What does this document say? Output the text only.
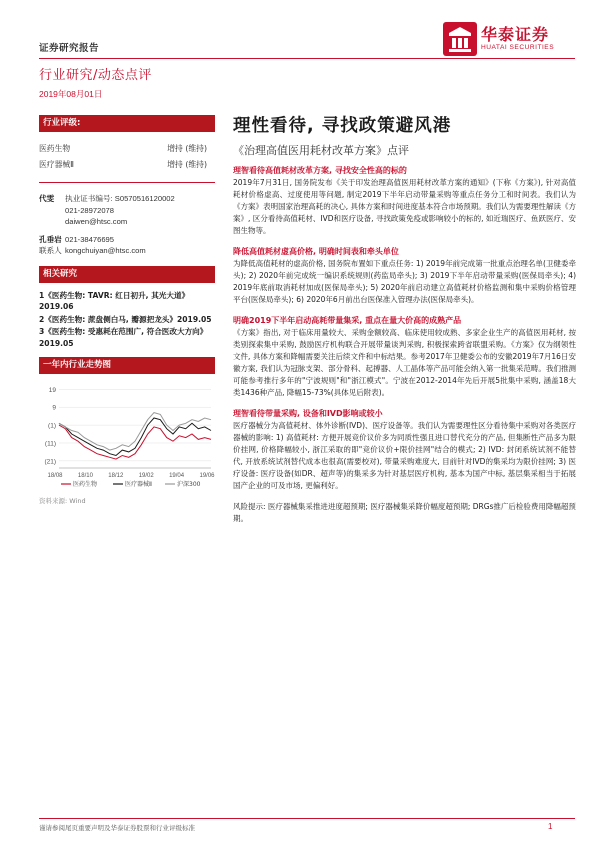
证券研究报告
华泰证券
HUATAI SECURITIES
行业研究/动态点评
2019年08月01日
行业评级:
医药生物	增持 (维持)
医疗器械Ⅱ	增持 (维持)
代雯	执业证书编号: S0570516120002
021-28972078
daiwen@htsc.com
孔垂岩 021-38476695
联系人 kongchuiyan@htsc.com
相关研究
1《医药生物: TAVR: 红日初升, 其光大道》2019.06
2《医药生物: 蔗盘侧白马, 瓣源把龙头》2019.05
3《医药生物: 受惠耗在范围广, 符合医改大方向》2019.05
一年内行业走势图
19
9
(1)
(11)
(21)
18/08	18/10	18/12	19/02	19/04	19/06
医药生物	医疗器械Ⅱ	沪深300
资料来源: Wind
理性看待, 寻找政策避风港
《治理高值医用耗材改革方案》点评
理智看待高值耗材改革方案, 寻找安全性高的标的
2019年7月31日, 国务院发布《关于印发治理高值医用耗材改革方案的通知》(下称《方案》), 针对高值耗材价格虚高、过度使用等问题, 制定2019下半年启动带量采购等重点任务分工和时间表。我们认为《方案》表明国家治理高耗的决心, 具体方案和时间进度基本符合市场预期。我们认为需要理性解读《方案》, 区分看待高值耗材、IVD和医疗设备, 寻找政策免疫或影响较小的标的, 如近瑞医疗、鱼跃医疗、安图生物等。
降低高值耗材虚高价格, 明确时间表和牵头单位
为降低高值耗材的虚高价格, 国务院布置如下重点任务: 1) 2019年前完成第一批重点治理名单(卫健委牵头); 2) 2020年前完成统一编识系统规则(药监局牵头); 3) 2019下半年启动带量采购(医保局牵头); 4) 2019年底前取消耗材加成(医保局牵头); 5) 2020年前启动建立高值耗材价格监测和集中采购价格管理平台(医保局牵头); 6) 2020年6月前出台医保准入管理办法(医保局牵头)。
明确2019下半年启动高耗带量集采, 重点在量大价高的成熟产品
《方案》指出, 对于临床用量较大、采购金额较高、临床使用较成熟、多家企业生产的高值医用耗材, 按类别探索集中采购, 鼓励医疗机构联合开展带量谈判采购, 积极探索跨省联盟采购。《方案》仅为纲领性文件, 具体方案和降幅需要关注后续文件和中标结果。参考2017年卫健委公布的安徽2019年7月16日安徽方案, 我们认为冠脉支架、部分骨科、起搏器、人工晶体等产品可能会纳入第一批集采范畴。我们推测可能参考推行多年的"宁波规则"和"浙江模式"。宁波在2012-2014年先后开展5批集中采购, 涵盖18大类1436种产品, 降幅15-73%(具体见后附表)。
理智看待带量采购, 设备和IVD影响或较小
医疗器械分为高值耗材、体外诊断(IVD)、医疗设备等。我们认为需要理性区分看待集中采购对各类医疗器械的影响: 1) 高值耗材: 方便开展竞价议价多为同质性强且进口替代充分的产品, 但集断性产品多为限价挂网, 价格降幅较小, 浙江采取的即"竞价议价+限价挂网"结合的模式; 2) IVD: 封闭系统试剂不能替代, 开放系统试剂替代成本也很高(需要校对), 带量采购难度大, 目前针对IVD的集采均为限价挂网; 3) 医疗设备: 医疗设备(如DR、超声等)的集采多为针对基层医疗机构, 基本为国产中标, 基层集采相当于拓展国产企业的可及市场, 更偏利好。
风险提示: 医疗器械集采推进进度超预期; 医疗器械集采降价幅度超预期; DRGs推广后检验费用降幅超预期。
谨请参阅尾页重要声明及华泰证券股票和行业评级标准	1
